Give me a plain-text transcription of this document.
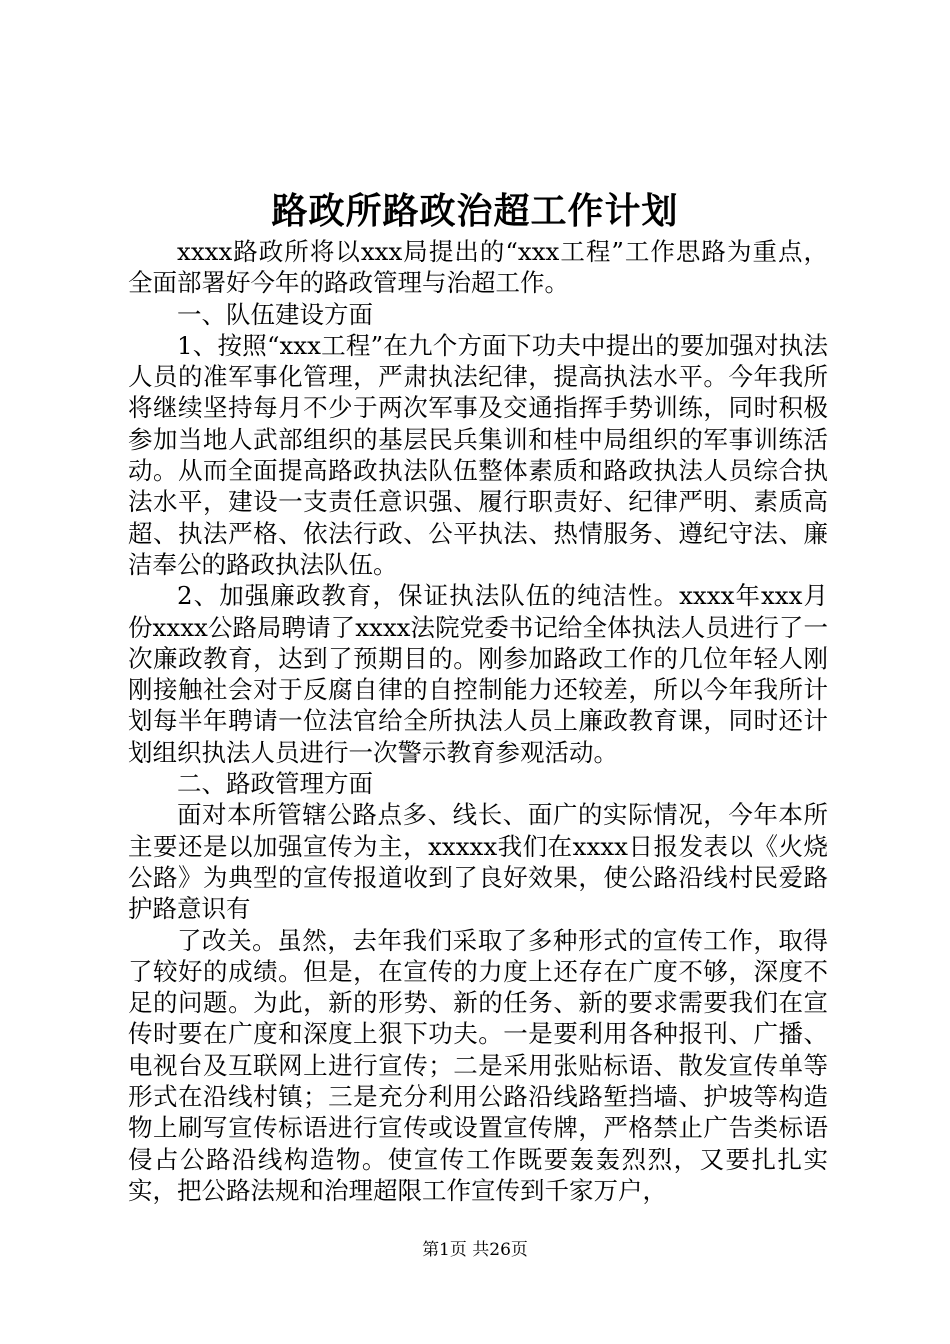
路政所路政治超工作计划

xxxx路政所将以xxx局提出的“xxx工程”工作思路为重点，全面部署好今年的路政管理与治超工作。

一、队伍建设方面

1、按照“xxx工程”在九个方面下功夫中提出的要加强对执法人员的准军事化管理，严肃执法纪律，提高执法水平。今年我所将继续坚持每月不少于两次军事及交通指挥手势训练，同时积极参加当地人武部组织的基层民兵集训和桂中局组织的军事训练活动。从而全面提高路政执法队伍整体素质和路政执法人员综合执法水平，建设一支责任意识强、履行职责好、纪律严明、素质高超、执法严格、依法行政、公平执法、热情服务、遵纪守法、廉洁奉公的路政执法队伍。

2、加强廉政教育，保证执法队伍的纯洁性。xxxx年xxx月份xxxx公路局聘请了xxxx法院党委书记给全体执法人员进行了一次廉政教育，达到了预期目的。刚参加路政工作的几位年轻人刚刚接触社会对于反腐自律的自控制能力还较差，所以今年我所计划每半年聘请一位法官给全所执法人员上廉政教育课，同时还计划组织执法人员进行一次警示教育参观活动。

二、路政管理方面

面对本所管辖公路点多、线长、面广的实际情况，今年本所主要还是以加强宣传为主，xxxxx我们在xxxx日报发表以《火烧公路》为典型的宣传报道收到了良好效果，使公路沿线村民爱路护路意识有

了改关。虽然，去年我们采取了多种形式的宣传工作，取得了较好的成绩。但是，在宣传的力度上还存在广度不够，深度不足的问题。为此，新的形势、新的任务、新的要求需要我们在宣传时要在广度和深度上狠下功夫。一是要利用各种报刊、广播、电视台及互联网上进行宣传；二是采用张贴标语、散发宣传单等形式在沿线村镇；三是充分利用公路沿线路堑挡墙、护坡等构造物上刷写宣传标语进行宣传或设置宣传牌，严格禁止广告类标语侵占公路沿线构造物。使宣传工作既要轰轰烈烈，又要扎扎实实，把公路法规和治理超限工作宣传到千家万户，

第1页 共26页
